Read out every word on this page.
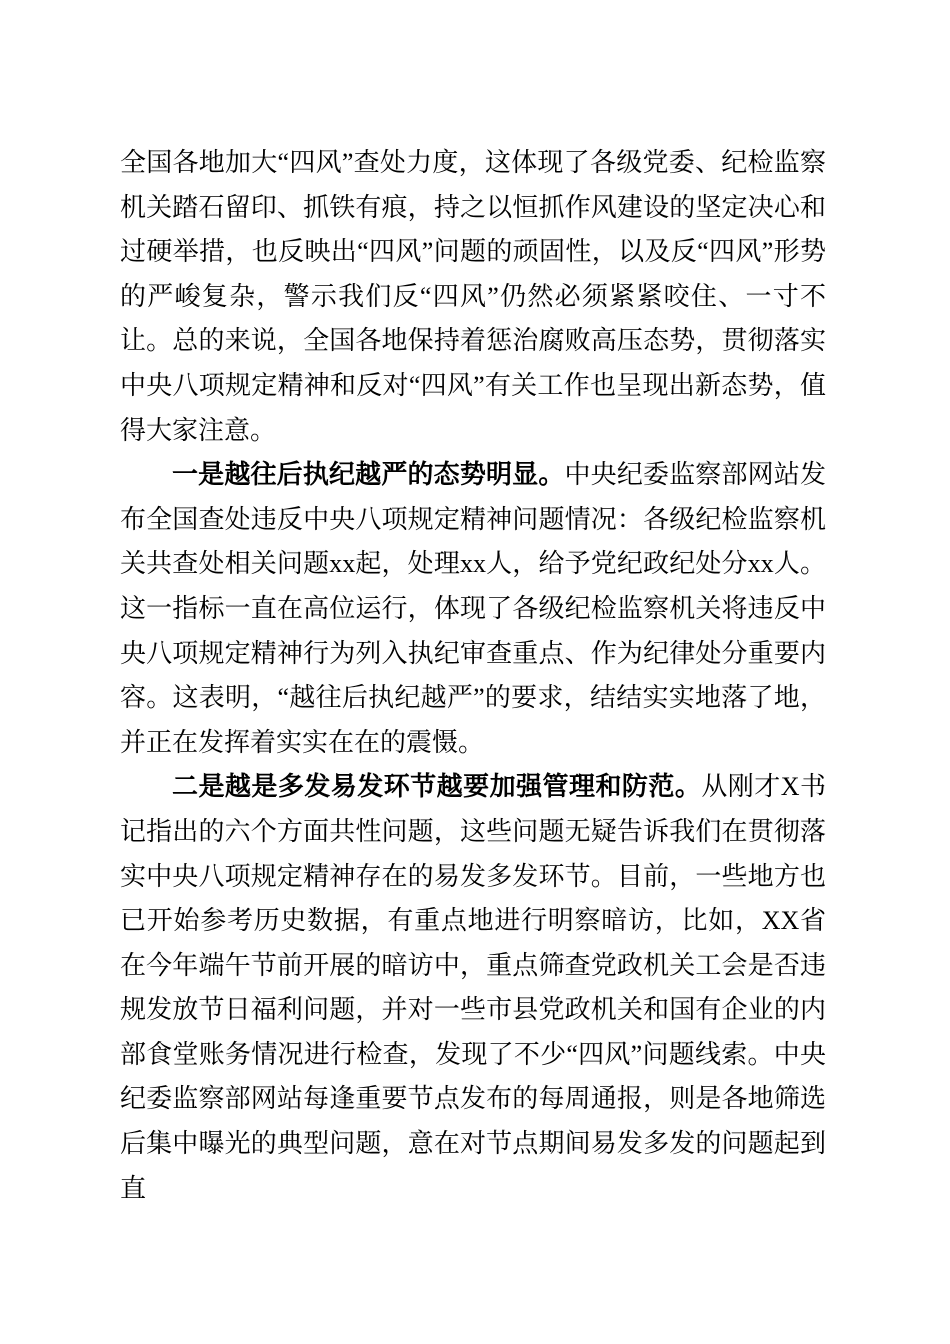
全国各地加大“四风”查处力度，这体现了各级党委、纪检监察机关踏石留印、抓铁有痕，持之以恒抓作风建设的坚定决心和过硬举措，也反映出“四风”问题的顽固性，以及反“四风”形势的严峻复杂，警示我们反“四风”仍然必须紧紧咬住、一寸不让。总的来说，全国各地保持着惩治腐败高压态势，贯彻落实中央八项规定精神和反对“四风”有关工作也呈现出新态势，值得大家注意。

一是越往后执纪越严的态势明显。中央纪委监察部网站发布全国查处违反中央八项规定精神问题情况：各级纪检监察机关共查处相关问题xx起，处理xx人，给予党纪政纪处分xx人。这一指标一直在高位运行，体现了各级纪检监察机关将违反中央八项规定精神行为列入执纪审查重点、作为纪律处分重要内容。这表明，“越往后执纪越严”的要求，结结实实地落了地，并正在发挥着实实在在的震慑。

二是越是多发易发环节越要加强管理和防范。从刚才X书记指出的六个方面共性问题，这些问题无疑告诉我们在贯彻落实中央八项规定精神存在的易发多发环节。目前，一些地方也已开始参考历史数据，有重点地进行明察暗访，比如，XX省在今年端午节前开展的暗访中，重点筛查党政机关工会是否违规发放节日福利问题，并对一些市县党政机关和国有企业的内部食堂账务情况进行检查，发现了不少“四风”问题线索。中央纪委监察部网站每逢重要节点发布的每周通报，则是各地筛选后集中曝光的典型问题，意在对节点期间易发多发的问题起到直
